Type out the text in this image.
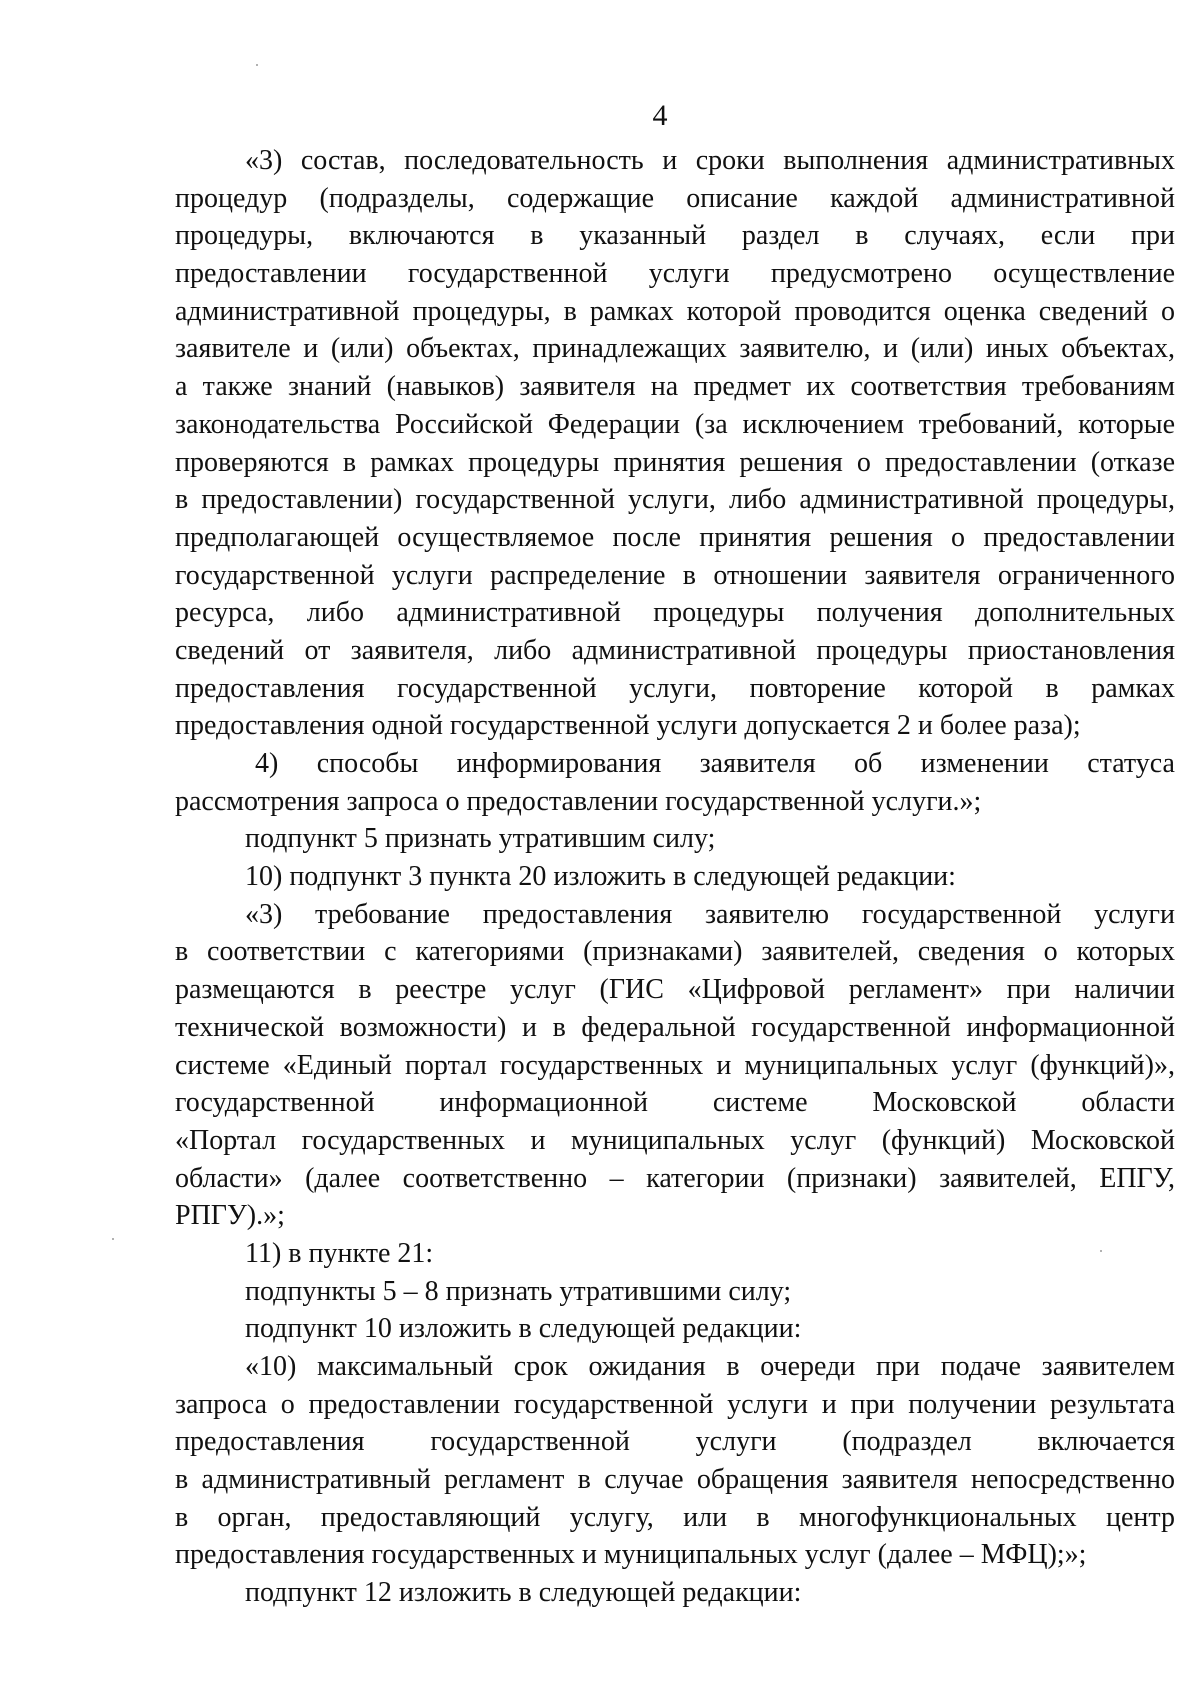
4
«3) состав, последовательность и сроки выполнения административных
процедур (подразделы, содержащие описание каждой административной
процедуры, включаются в указанный раздел в случаях, если при
предоставлении государственной услуги предусмотрено осуществление
административной процедуры, в рамках которой проводится оценка сведений о
заявителе и (или) объектах, принадлежащих заявителю, и (или) иных объектах,
а также знаний (навыков) заявителя на предмет их соответствия требованиям
законодательства Российской Федерации (за исключением требований, которые
проверяются в рамках процедуры принятия решения о предоставлении (отказе
в предоставлении) государственной услуги, либо административной процедуры,
предполагающей осуществляемое после принятия решения о предоставлении
государственной услуги распределение в отношении заявителя ограниченного
ресурса, либо административной процедуры получения дополнительных
сведений от заявителя, либо административной процедуры приостановления
предоставления государственной услуги, повторение которой в рамках
предоставления одной государственной услуги допускается 2 и более раза);
4) способы информирования заявителя об изменении статуса
рассмотрения запроса о предоставлении государственной услуги.»;
подпункт 5 признать утратившим силу;
10) подпункт 3 пункта 20 изложить в следующей редакции:
«3) требование предоставления заявителю государственной услуги
в соответствии с категориями (признаками) заявителей, сведения о которых
размещаются в реестре услуг (ГИС «Цифровой регламент» при наличии
технической возможности) и в федеральной государственной информационной
системе «Единый портал государственных и муниципальных услуг (функций)»,
государственной информационной системе Московской области
«Портал государственных и муниципальных услуг (функций) Московской
области» (далее соответственно – категории (признаки) заявителей, ЕПГУ,
РПГУ).»;
11) в пункте 21:
подпункты 5 – 8 признать утратившими силу;
подпункт 10 изложить в следующей редакции:
«10) максимальный срок ожидания в очереди при подаче заявителем
запроса о предоставлении государственной услуги и при получении результата
предоставления государственной услуги (подраздел включается
в административный регламент в случае обращения заявителя непосредственно
в орган, предоставляющий услугу, или в многофункциональных центр
предоставления государственных и муниципальных услуг (далее – МФЦ);»;
подпункт 12 изложить в следующей редакции:
